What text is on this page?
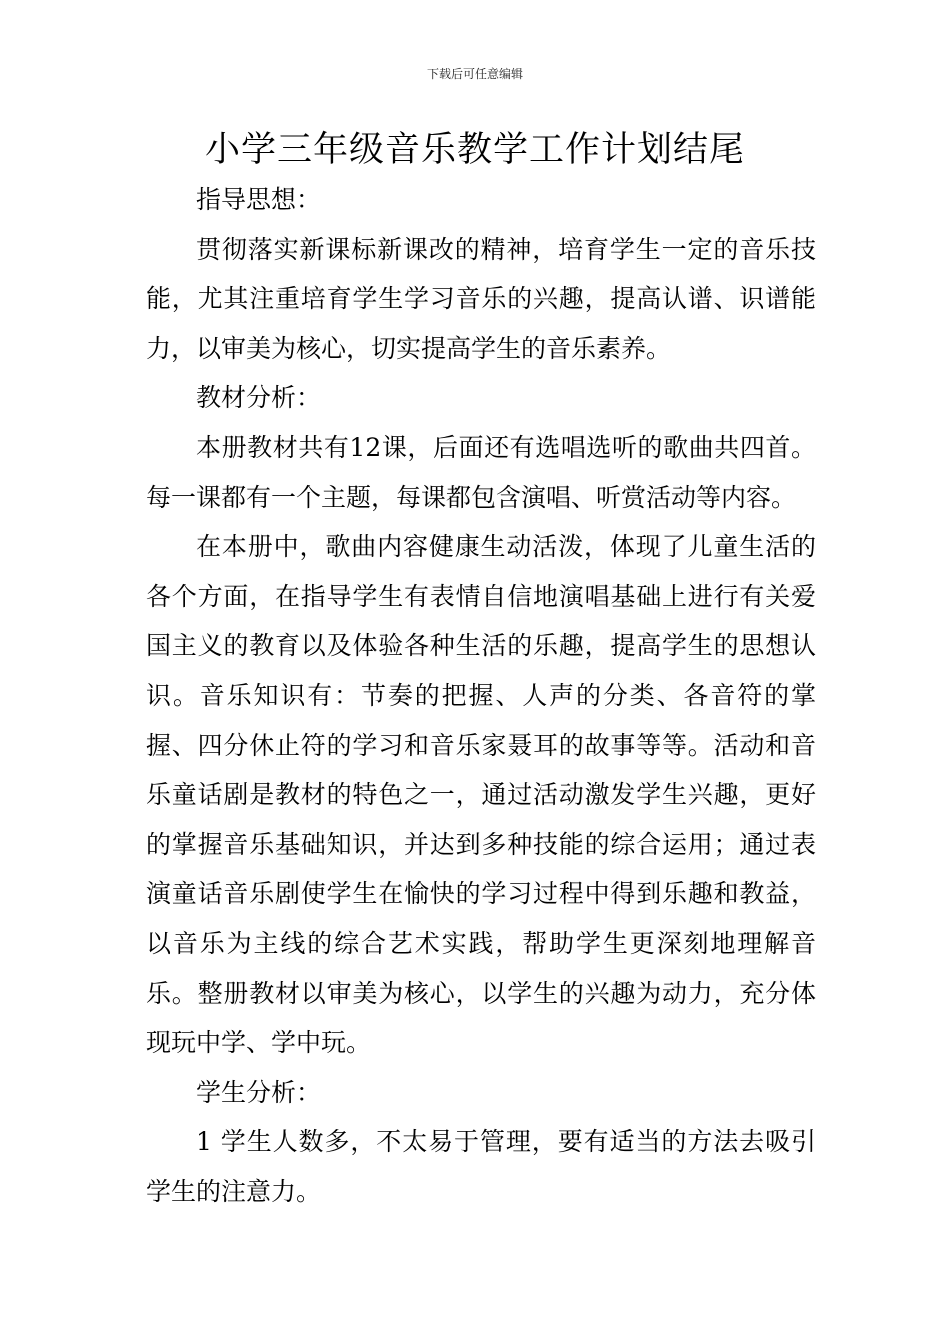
下载后可任意编辑
小学三年级音乐教学工作计划结尾

指导思想：

贯彻落实新课标新课改的精神，培育学生一定的音乐技能，尤其注重培育学生学习音乐的兴趣，提高认谱、识谱能力，以审美为核心，切实提高学生的音乐素养。

教材分析：

本册教材共有12课，后面还有选唱选听的歌曲共四首。每一课都有一个主题，每课都包含演唱、听赏活动等内容。

在本册中，歌曲内容健康生动活泼，体现了儿童生活的各个方面，在指导学生有表情自信地演唱基础上进行有关爱国主义的教育以及体验各种生活的乐趣，提高学生的思想认识。音乐知识有：节奏的把握、人声的分类、各音符的掌握、四分休止符的学习和音乐家聂耳的故事等等。活动和音乐童话剧是教材的特色之一，通过活动激发学生兴趣，更好的掌握音乐基础知识，并达到多种技能的综合运用；通过表演童话音乐剧使学生在愉快的学习过程中得到乐趣和教益，以音乐为主线的综合艺术实践，帮助学生更深刻地理解音乐。整册教材以审美为核心，以学生的兴趣为动力，充分体现玩中学、学中玩。

学生分析：

1 学生人数多，不太易于管理，要有适当的方法去吸引学生的注意力。
